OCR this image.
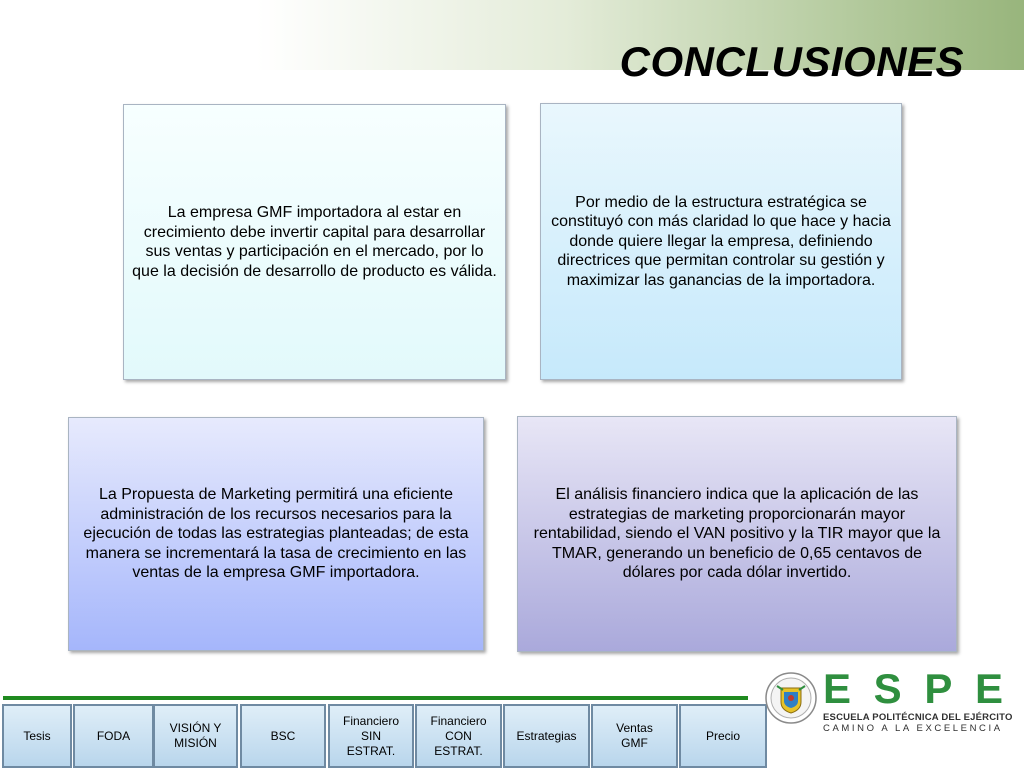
CONCLUSIONES

La empresa GMF importadora al estar en crecimiento debe invertir capital para desarrollar sus ventas y participación en el mercado, por lo que la decisión de desarrollo de producto es válida.

Por medio de la estructura estratégica se constituyó con más claridad lo que hace y hacia donde quiere llegar la empresa, definiendo directrices que permitan controlar su gestión y maximizar las ganancias de la importadora.

La Propuesta de Marketing permitirá una eficiente administración de los recursos necesarios para la ejecución de todas las estrategias planteadas; de esta manera se incrementará la tasa de crecimiento en las ventas de la empresa GMF importadora.

El análisis financiero indica que la aplicación de las estrategias de marketing proporcionarán mayor rentabilidad, siendo el VAN positivo y la TIR mayor que la TMAR, generando un beneficio de 0,65 centavos de dólares por cada dólar invertido.

Tesis	FODA
VISIÓN Y
MISIÓN
BSC
Financiero
SIN
ESTRAT.
Financiero
CON
ESTRAT.
Estrategias
Ventas
GMF
Precio
E S P E
ESCUELA POLITÉCNICA DEL EJÉRCITO
CAMINO A LA EXCELENCIA
